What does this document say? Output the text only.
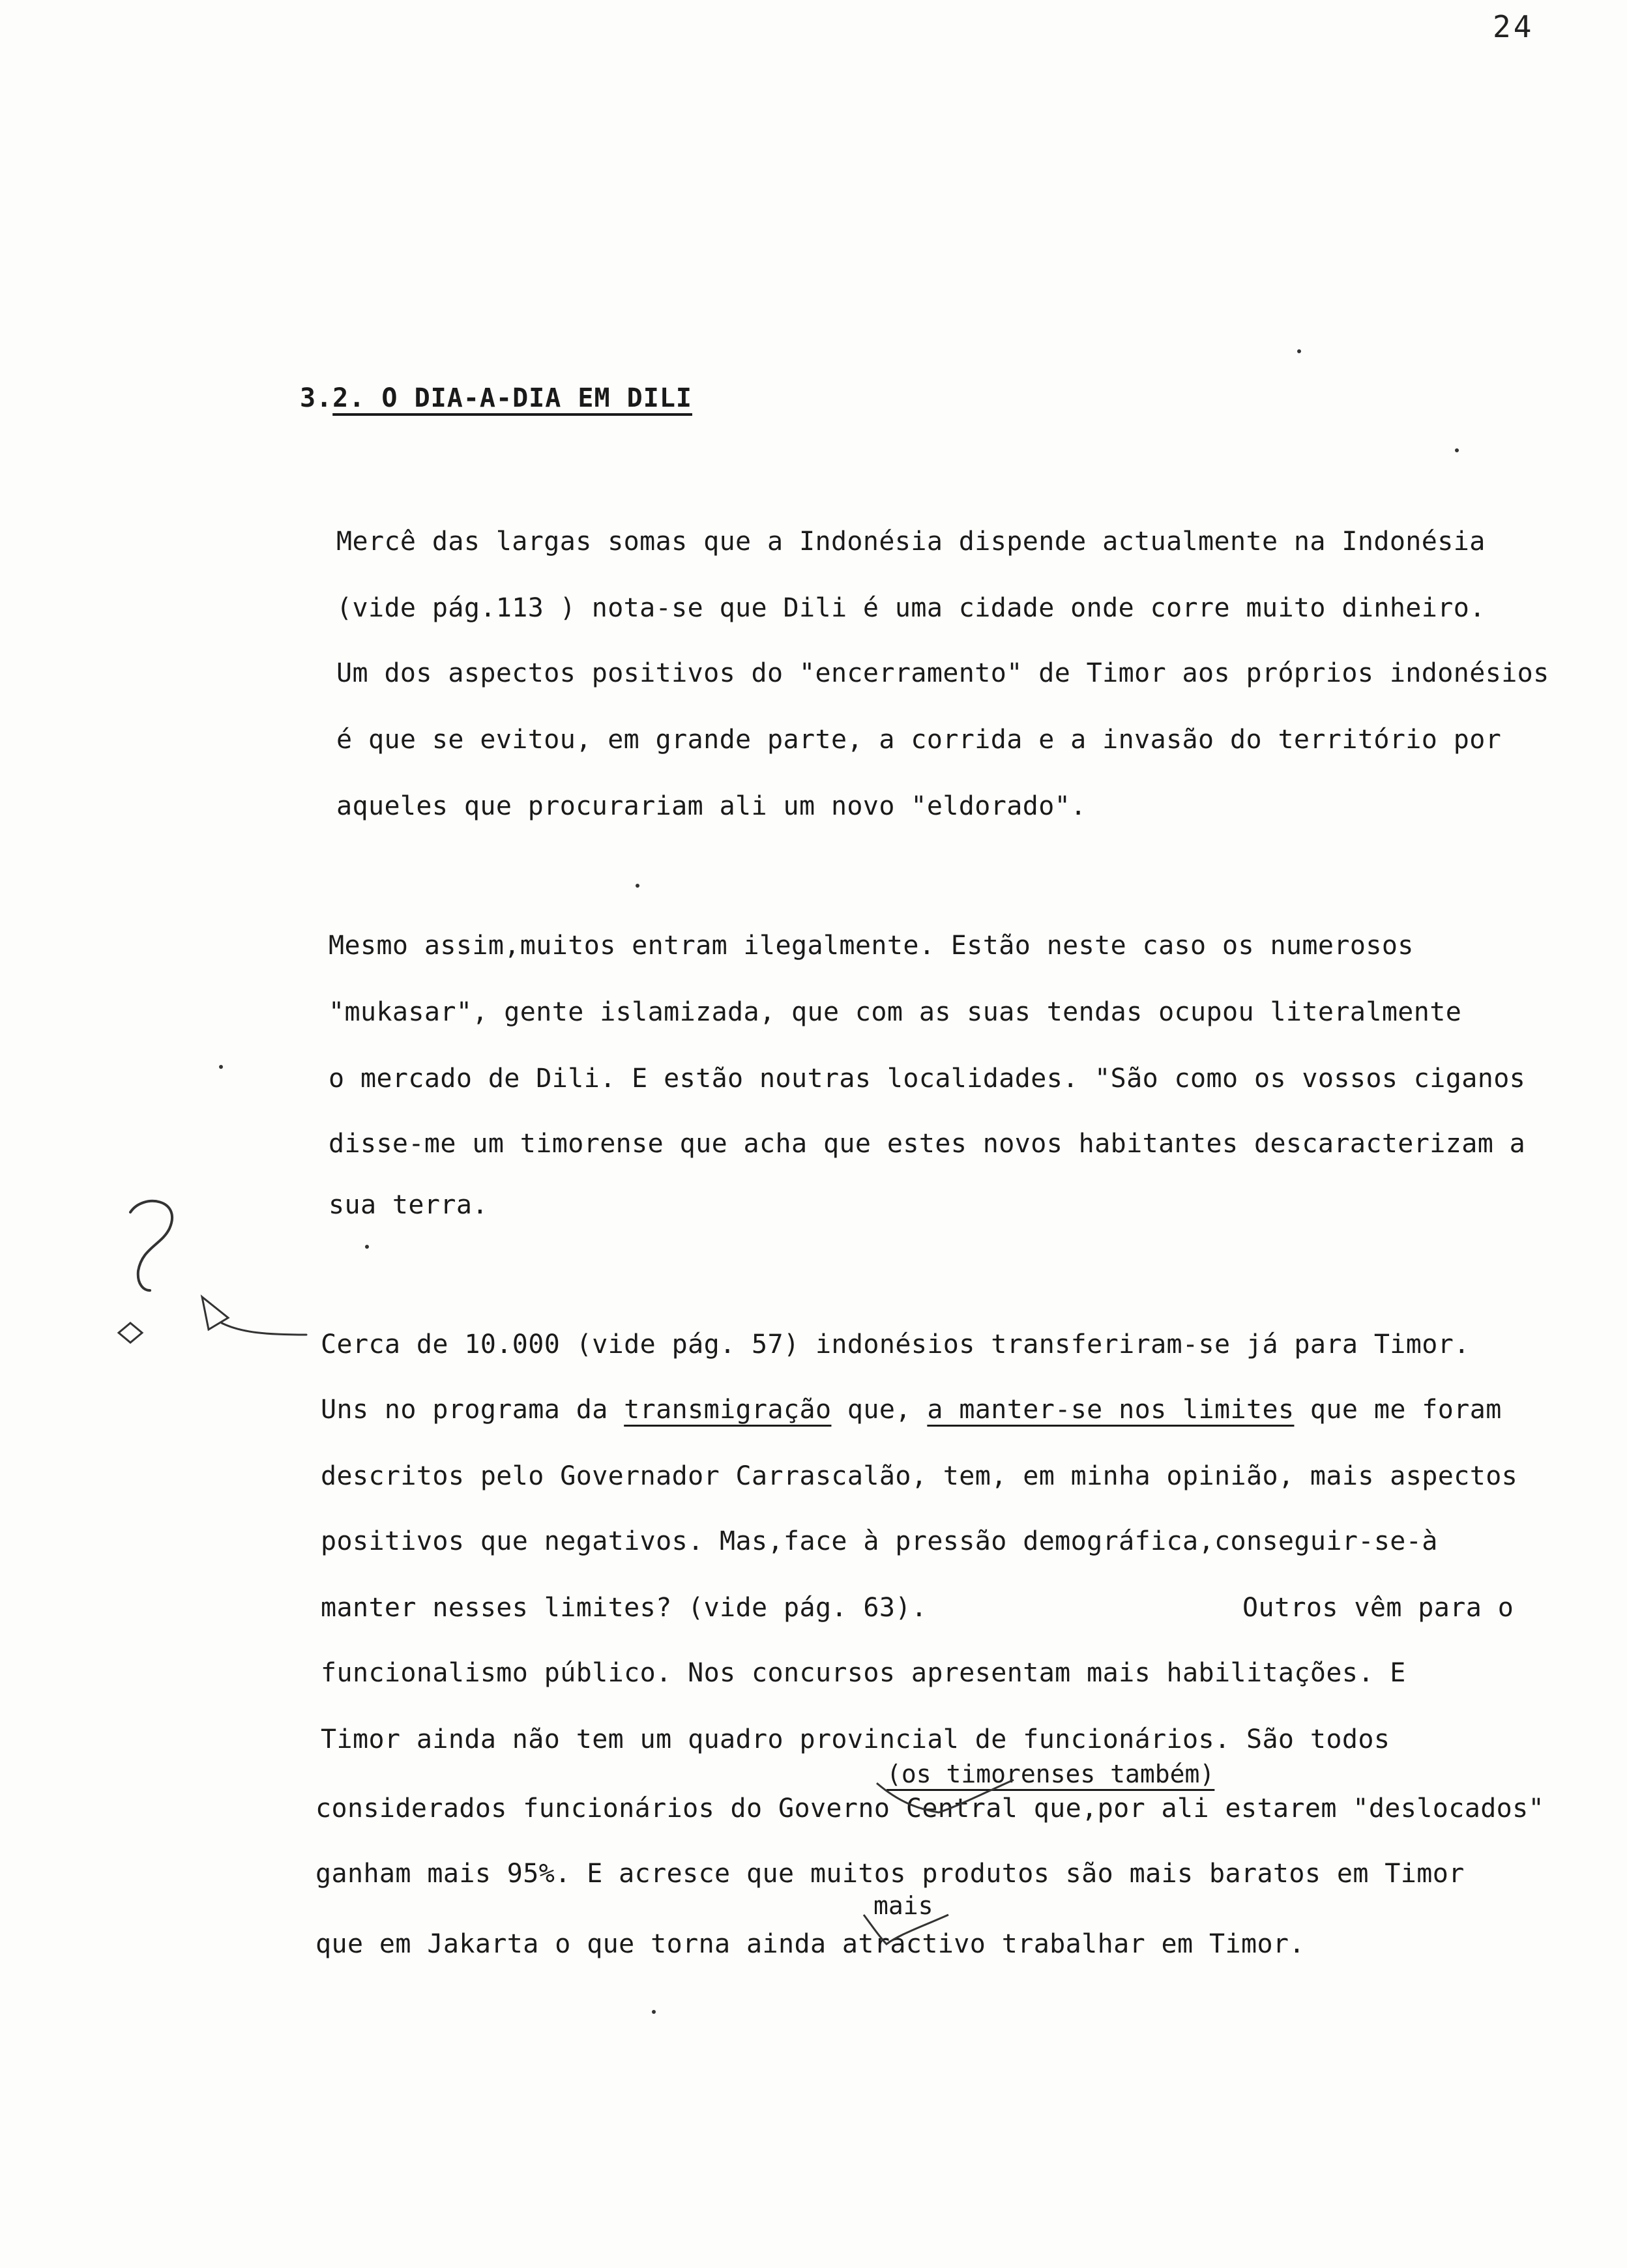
24
3.2. O DIA-A-DIA EM DILI
Mercê das largas somas que a Indonésia dispende actualmente na Indonésia
(vide pág.113 ) nota-se que Dili é uma cidade onde corre muito dinheiro.
Um dos aspectos positivos do "encerramento" de Timor aos próprios indonésios
é que se evitou, em grande parte, a corrida e a invasão do território por
aqueles que procurariam ali um novo "eldorado".
Mesmo assim,muitos entram ilegalmente. Estão neste caso os numerosos
"mukasar", gente islamizada, que com as suas tendas ocupou literalmente
o mercado de Dili. E estão noutras localidades. "São como os vossos ciganos
disse-me um timorense que acha que estes novos habitantes descaracterizam a
sua terra.
Cerca de 10.000 (vide pág. 57) indonésios transferiram-se já para Timor.
Uns no programa da transmigração que, a manter-se nos limites que me foram
descritos pelo Governador Carrascalão, tem, em minha opinião, mais aspectos
positivos que negativos. Mas,face à pressão demográfica,conseguir-se-à
manter nesses limites? (vide pág. 63).	Outros vêm para o
funcionalismo público. Nos concursos apresentam mais habilitações. E
Timor ainda não tem um quadro provincial de funcionários. São todos
(os timorenses também)
considerados funcionários do Governo Central que,por ali estarem "deslocados"
ganham mais 95%. E acresce que muitos produtos são mais baratos em Timor
mais
que em Jakarta o que torna ainda atractivo trabalhar em Timor.
